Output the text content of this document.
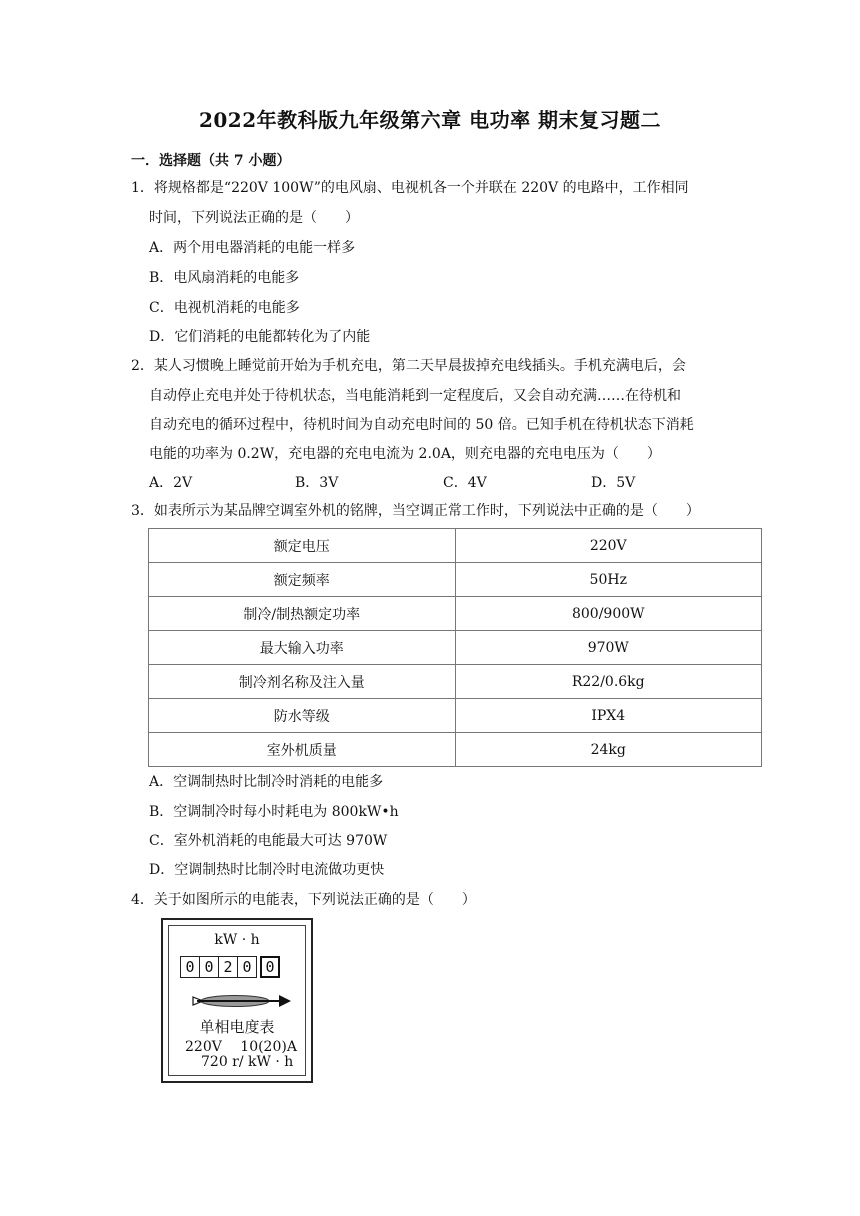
2022年教科版九年级第六章 电功率 期末复习题二
一．选择题（共 7 小题）
1．将规格都是“220V 100W”的电风扇、电视机各一个并联在 220V 的电路中，工作相同
时间，下列说法正确的是（　　）
A．两个用电器消耗的电能一样多
B．电风扇消耗的电能多
C．电视机消耗的电能多
D．它们消耗的电能都转化为了内能
2．某人习惯晚上睡觉前开始为手机充电，第二天早晨拔掉充电线插头。手机充满电后，会
自动停止充电并处于待机状态，当电能消耗到一定程度后，又会自动充满……在待机和
自动充电的循环过程中，待机时间为自动充电时间的 50 倍。已知手机在待机状态下消耗
电能的功率为 0.2W，充电器的充电电流为 2.0A，则充电器的充电电压为（　　）
A．2V	B．3V	C．4V	D．5V
3．如表所示为某品牌空调室外机的铭牌，当空调正常工作时，下列说法中正确的是（　　）
额定电压	220V
额定频率	50Hz
制冷/制热额定功率	800/900W
最大输入功率	970W
制冷剂名称及注入量	R22/0.6kg
防水等级	IPX4
室外机质量	24kg
A．空调制热时比制冷时消耗的电能多
B．空调制冷时每小时耗电为 800kW•h
C．室外机消耗的电能最大可达 970W
D．空调制热时比制冷时电流做功更快
4．关于如图所示的电能表，下列说法正确的是（　　）
kW · h
0 0 2 0 0
单相电度表
220V　 10(20)A
720 r/ kW · h
